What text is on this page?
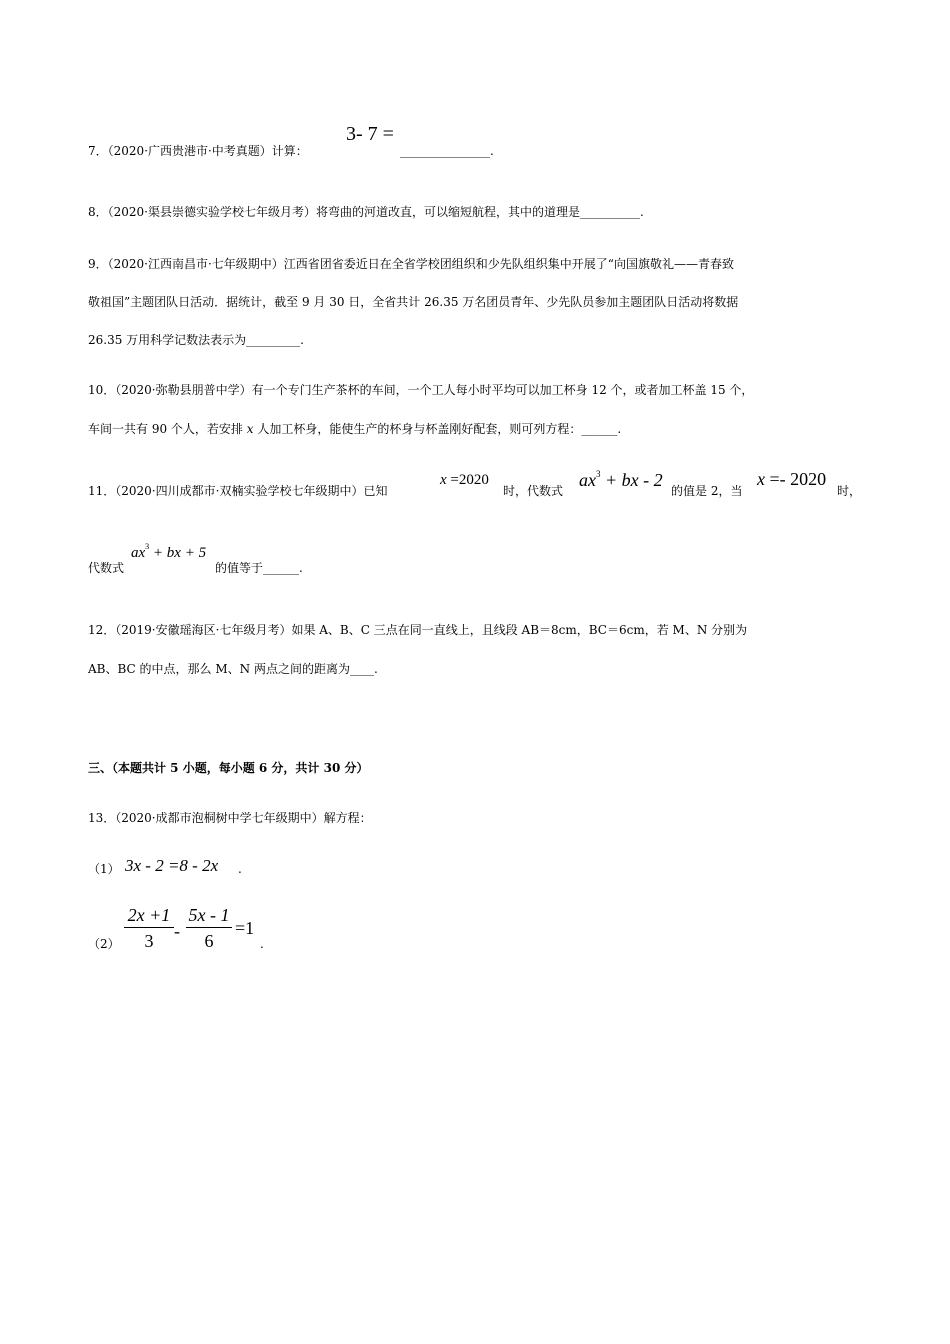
7．（2020·广西贵港市·中考真题）计算：
3- 7 =
_______________.
8．（2020·渠县崇德实验学校七年级月考）将弯曲的河道改直，可以缩短航程，其中的道理是__________.
9．（2020·江西南昌市·七年级期中）江西省团省委近日在全省学校团组织和少先队组织集中开展了“向国旗敬礼——青春致
敬祖国”主题团队日活动．据统计，截至 9 月 30 日，全省共计 26.35 万名团员青年、少先队员参加主题团队日活动将数据
26.35 万用科学记数法表示为_________.
10．（2020·弥勒县朋普中学）有一个专门生产茶杯的车间，一个工人每小时平均可以加工杯身 12 个，或者加工杯盖 15 个，
车间一共有 90 个人，若安排 x 人加工杯身，能使生产的杯身与杯盖刚好配套，则可列方程：______.
11．（2020·四川成都市·双楠实验学校七年级期中）已知
x =2020
时，代数式
$ax^3$ + bx - 2
的值是 2，当
x =- 2020
时，
代数式
$ax^3$ + bx + 5
的值等于______.
12．（2019·安徽瑶海区·七年级月考）如果 A、B、C 三点在同一直线上，且线段 AB＝8cm，BC＝6cm，若 M、N 分别为
AB、BC 的中点，那么 M、N 两点之间的距离为____.
三、（本题共计 5 小题，每小题 6 分，共计 30 分）
13．（2020·成都市泡桐树中学七年级期中）解方程：
（1） 3x - 2 =8 - 2x .
（2）
2x +1
3	-
5x - 1
6
=1
.
